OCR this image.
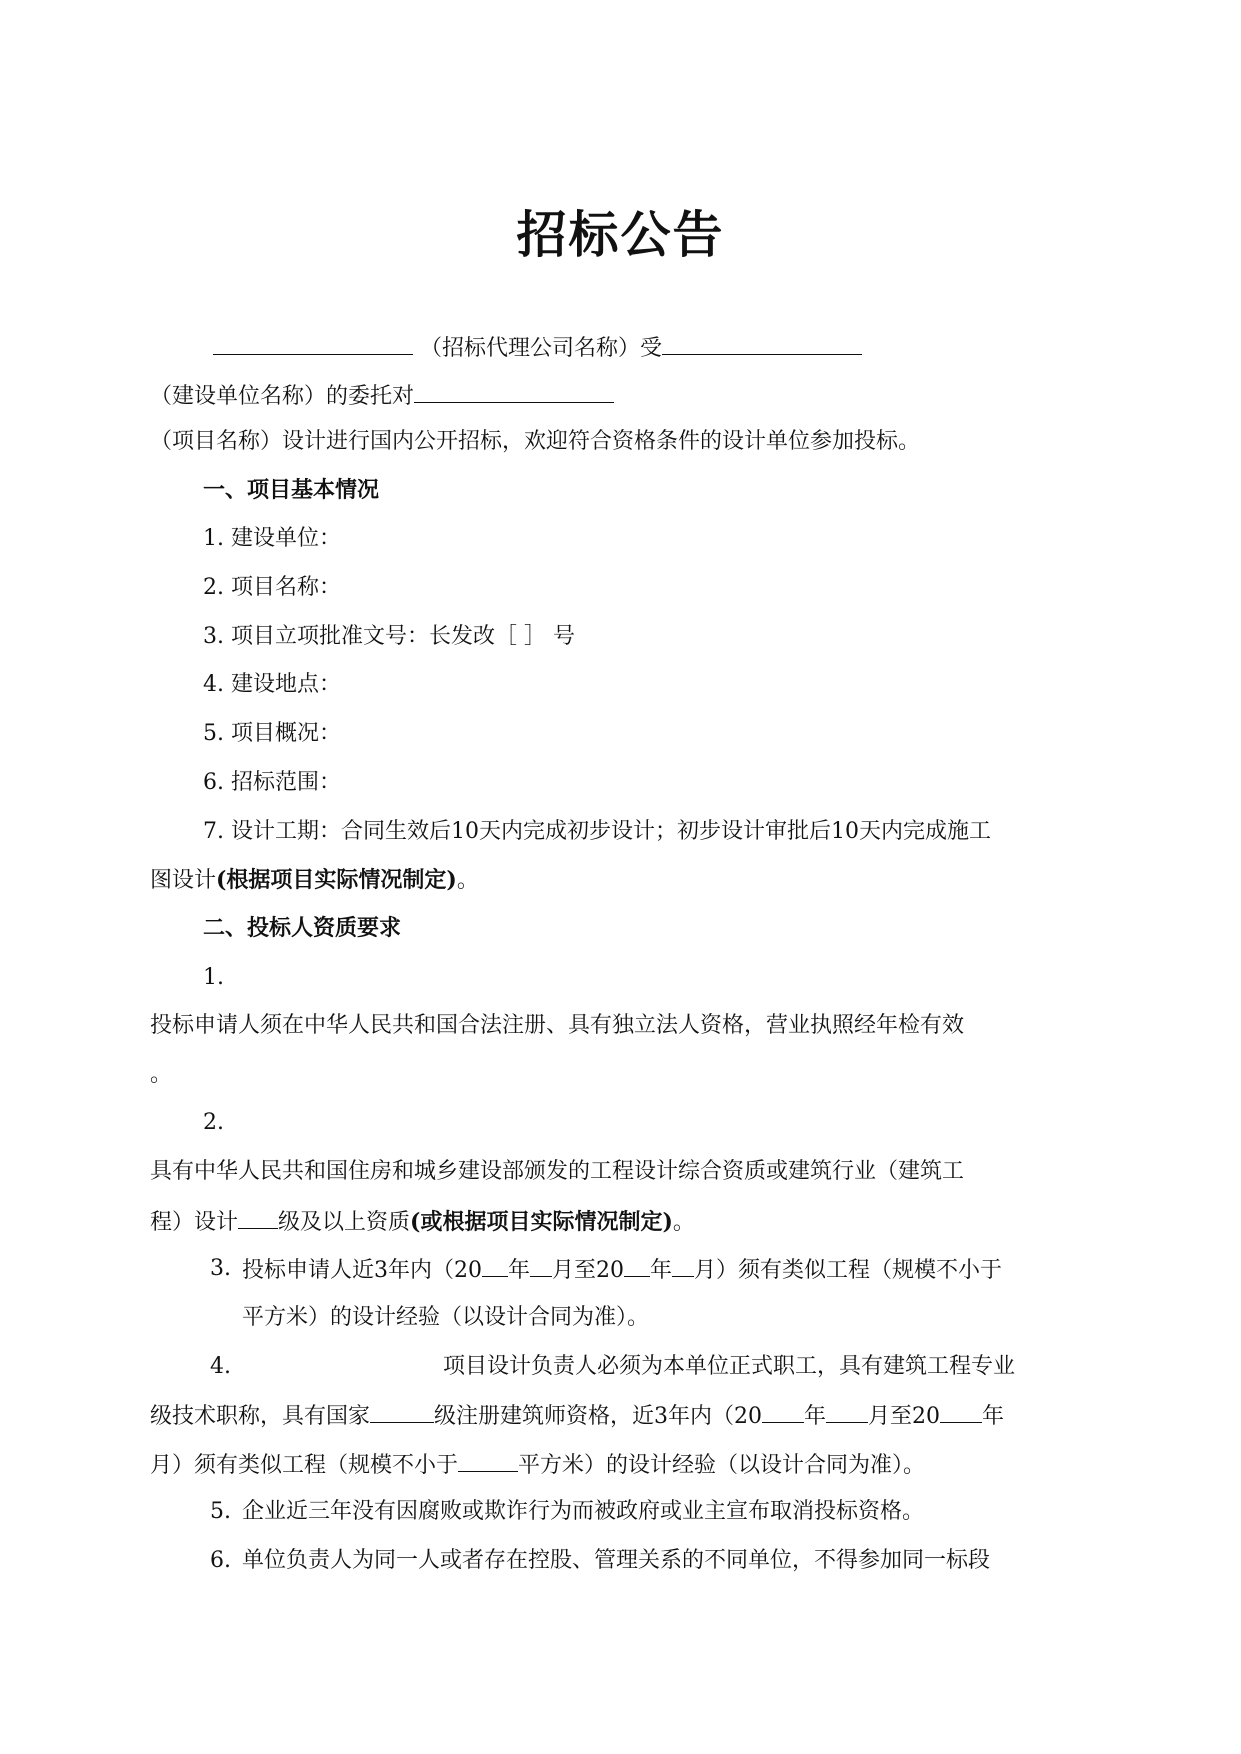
招标公告
（招标代理公司名称）受
（建设单位名称）的委托对
（项目名称）设计进行国内公开招标，欢迎符合资格条件的设计单位参加投标。
一、项目基本情况
1. 建设单位：
2. 项目名称：
3. 项目立项批准文号：长发改［ ］ 号
4. 建设地点：
5. 项目概况：
6. 招标范围：
7. 设计工期：合同生效后10天内完成初步设计；初步设计审批后10天内完成施工
图设计(根据项目实际情况制定)。
二、投标人资质要求
1.
投标申请人须在中华人民共和国合法注册、具有独立法人资格，营业执照经年检有效
。
2.
具有中华人民共和国住房和城乡建设部颁发的工程设计综合资质或建筑行业（建筑工
程）设计 级及以上资质(或根据项目实际情况制定)。
3. 投标申请人近3年内（20 年 月至20 年 月）须有类似工程（规模不小于
平方米）的设计经验（以设计合同为准）。
4.	项目设计负责人必须为本单位正式职工，具有建筑工程专业
级技术职称，具有国家	级注册建筑师资格，近3年内（20 年 月至20 年
月）须有类似工程（规模不小于	平方米）的设计经验（以设计合同为准）。
5. 企业近三年没有因腐败或欺诈行为而被政府或业主宣布取消投标资格。
6. 单位负责人为同一人或者存在控股、管理关系的不同单位，不得参加同一标段
